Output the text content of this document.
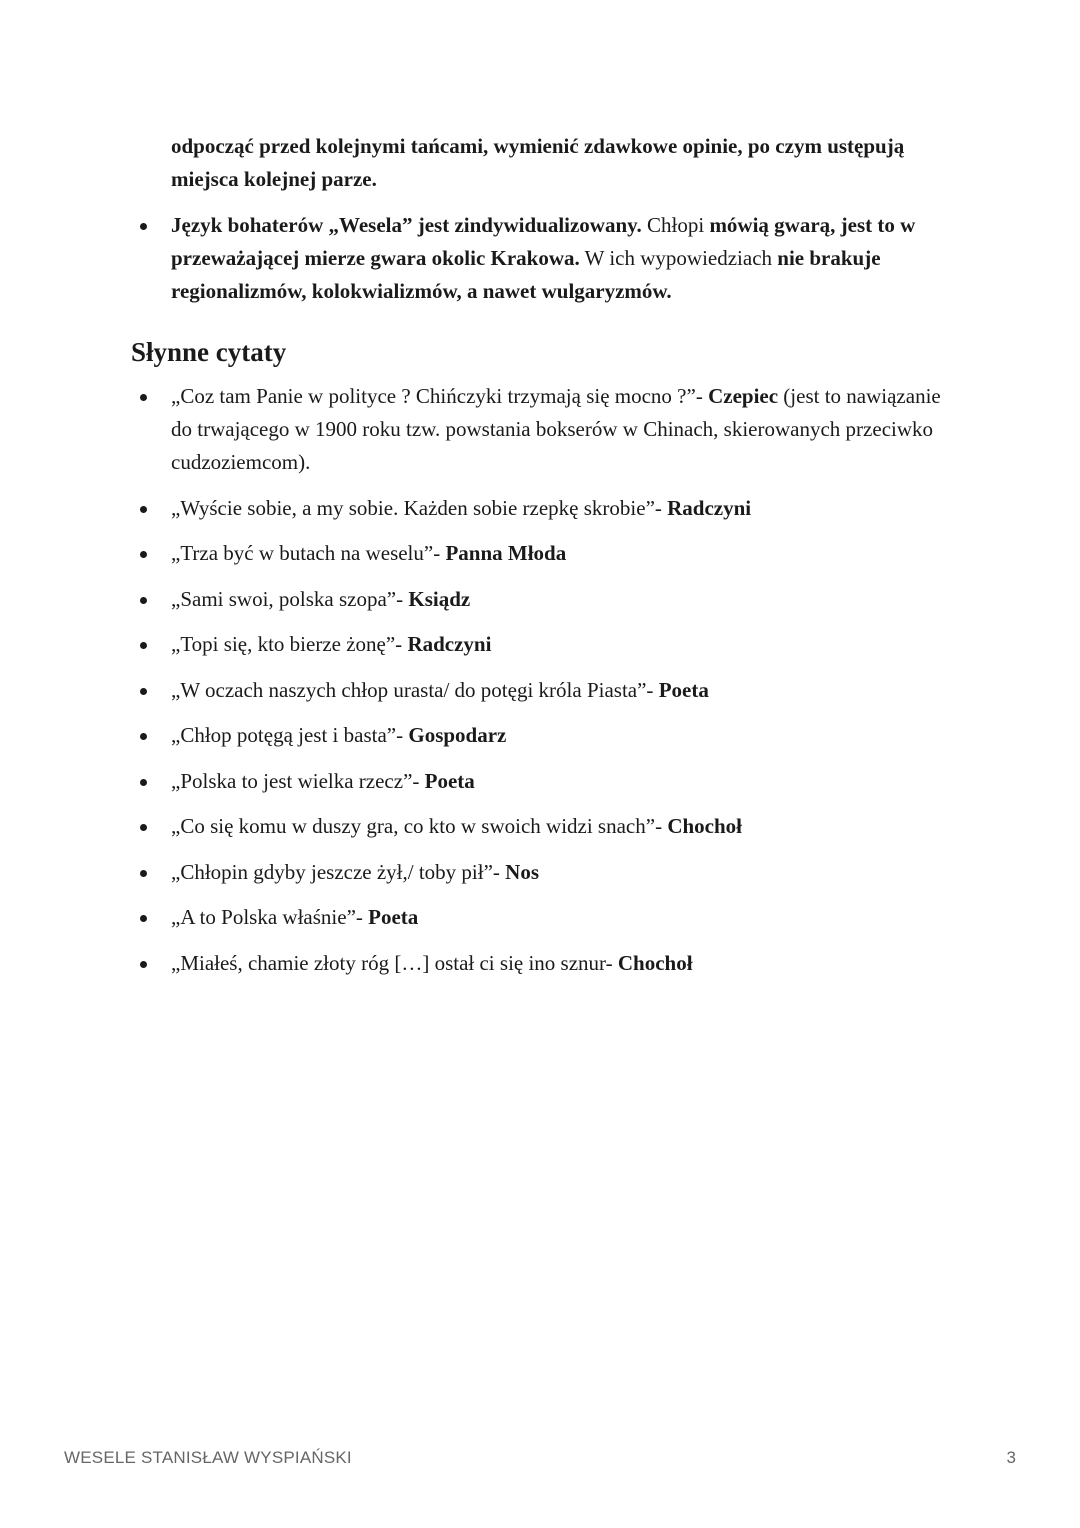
odpocząć przed kolejnymi tańcami, wymienić zdawkowe opinie, po czym ustępują miejsca kolejnej parze.
Język bohaterów „Wesela” jest zindywidualizowany. Chłopi mówią gwarą, jest to w przeważającej mierze gwara okolic Krakowa. W ich wypowiedziach nie brakuje regionalizmów, kolokwializmów, a nawet wulgaryzmów.
Słynne cytaty
„Coz tam Panie w polityce ? Chińczyki trzymają się mocno ?”- Czepiec (jest to nawiązanie do trwającego w 1900 roku tzw. powstania bokserów w Chinach, skierowanych przeciwko cudzoziemcom).
„Wyście sobie, a my sobie. Każden sobie rzepkę skrobie”- Radczyni
„Trza być w butach na weselu”- Panna Młoda
„Sami swoi, polska szopa”- Ksiądz
„Topi się, kto bierze żonę”- Radczyni
„W oczach naszych chłop urasta/ do potęgi króla Piasta”- Poeta
„Chłop potęgą jest i basta”- Gospodarz
„Polska to jest wielka rzecz”- Poeta
„Co się komu w duszy gra, co kto w swoich widzi snach”- Chochoł
„Chłopin gdyby jeszcze żył,/ toby pił”- Nos
„A to Polska właśnie”- Poeta
„Miałeś, chamie złoty róg […] ostał ci się ino sznur- Chochoł
WESELE STANISŁAW WYSPIAŃSKI	3
